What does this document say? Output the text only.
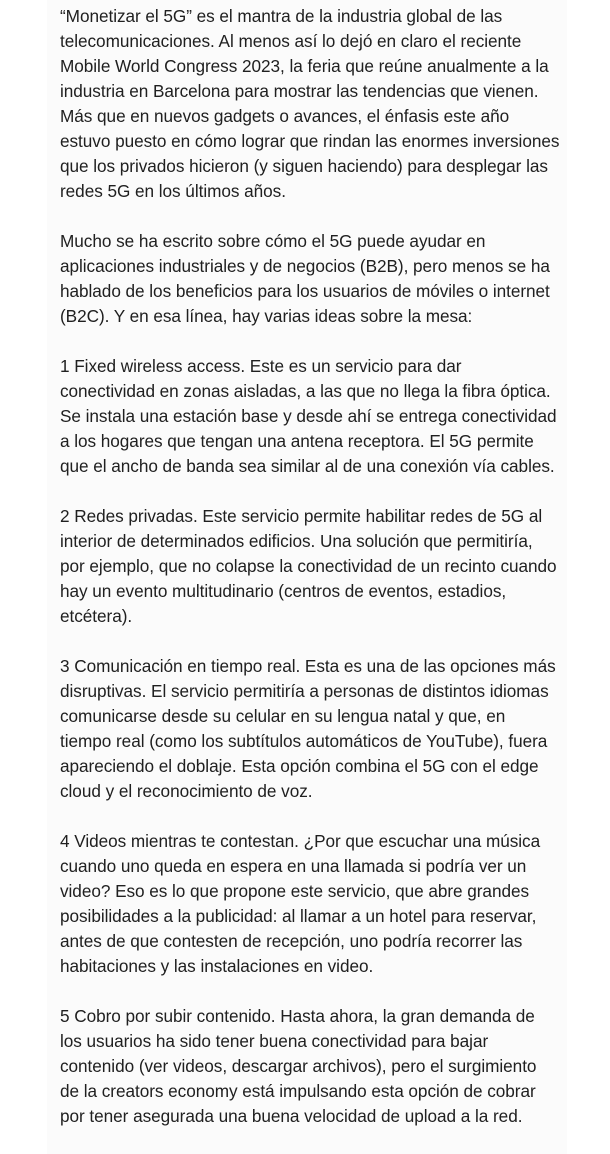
“Monetizar el 5G” es el mantra de la industria global de las telecomunicaciones. Al menos así lo dejó en claro el reciente Mobile World Congress 2023, la feria que reúne anualmente a la industria en Barcelona para mostrar las tendencias que vienen. Más que en nuevos gadgets o avances, el énfasis este año estuvo puesto en cómo lograr que rindan las enormes inversiones que los privados hicieron (y siguen haciendo) para desplegar las redes 5G en los últimos años.

Mucho se ha escrito sobre cómo el 5G puede ayudar en aplicaciones industriales y de negocios (B2B), pero menos se ha hablado de los beneficios para los usuarios de móviles o internet (B2C). Y en esa línea, hay varias ideas sobre la mesa:

1 Fixed wireless access. Este es un servicio para dar conectividad en zonas aisladas, a las que no llega la fibra óptica. Se instala una estación base y desde ahí se entrega conectividad a los hogares que tengan una antena receptora. El 5G permite que el ancho de banda sea similar al de una conexión vía cables.

2 Redes privadas. Este servicio permite habilitar redes de 5G al interior de determinados edificios. Una solución que permitiría, por ejemplo, que no colapse la conectividad de un recinto cuando hay un evento multitudinario (centros de eventos, estadios, etcétera).

3 Comunicación en tiempo real. Esta es una de las opciones más disruptivas. El servicio permitiría a personas de distintos idiomas comunicarse desde su celular en su lengua natal y que, en tiempo real (como los subtítulos automáticos de YouTube), fuera apareciendo el doblaje. Esta opción combina el 5G con el edge cloud y el reconocimiento de voz.

4 Videos mientras te contestan. ¿Por que escuchar una música cuando uno queda en espera en una llamada si podría ver un video? Eso es lo que propone este servicio, que abre grandes posibilidades a la publicidad: al llamar a un hotel para reservar, antes de que contesten de recepción, uno podría recorrer las habitaciones y las instalaciones en video.

5 Cobro por subir contenido. Hasta ahora, la gran demanda de los usuarios ha sido tener buena conectividad para bajar contenido (ver videos, descargar archivos), pero el surgimiento de la creators economy está impulsando esta opción de cobrar por tener asegurada una buena velocidad de upload a la red.
